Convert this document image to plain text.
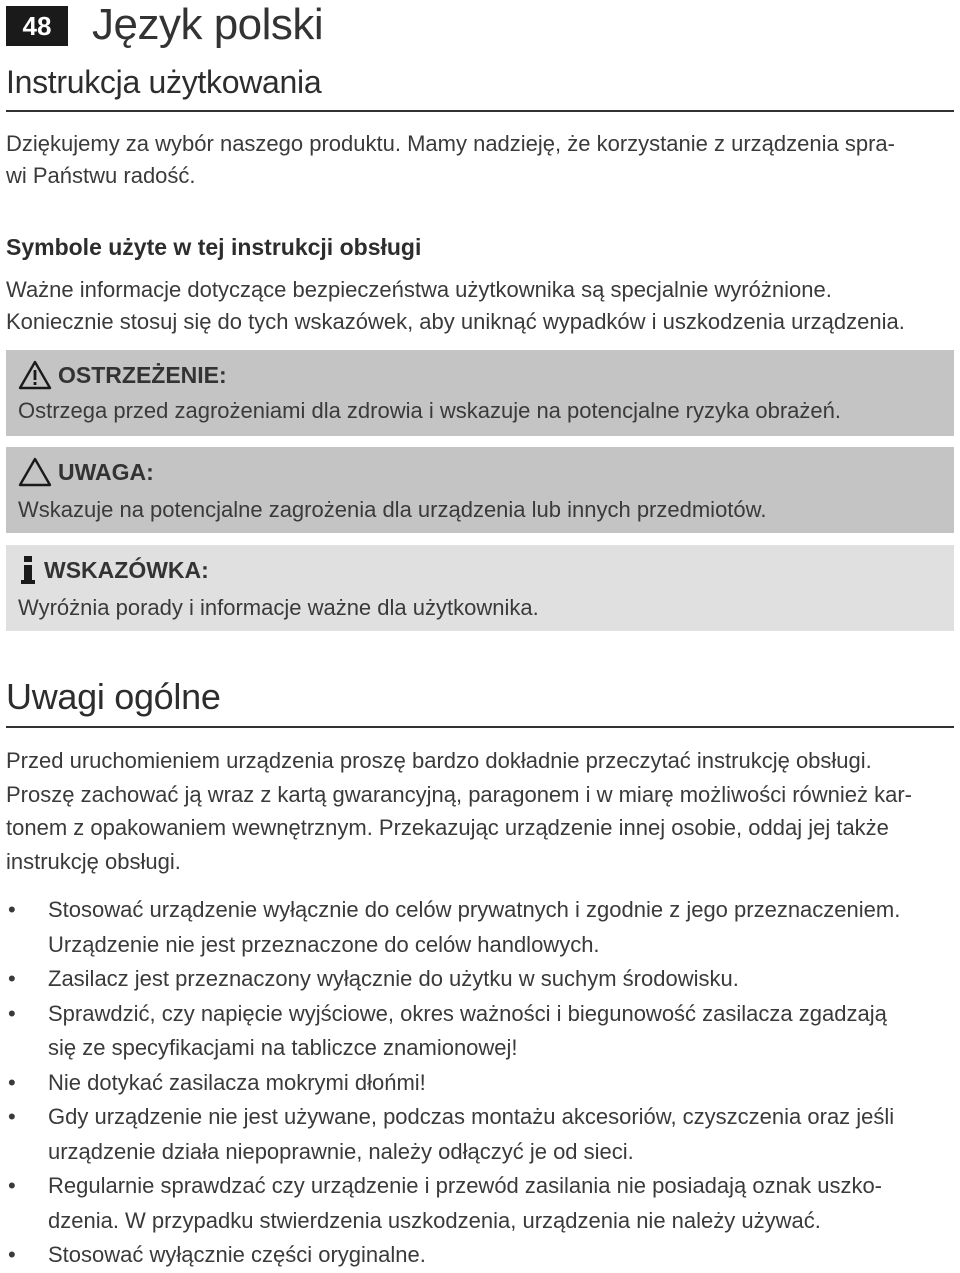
48 Język polski
Instrukcja użytkowania
Dziękujemy za wybór naszego produktu. Mamy nadzieję, że korzystanie z urządzenia spra-
wi Państwu radość.
Symbole użyte w tej instrukcji obsługi
Ważne informacje dotyczące bezpieczeństwa użytkownika są specjalnie wyróżnione.
Koniecznie stosuj się do tych wskazówek, aby uniknąć wypadków i uszkodzenia urządzenia.
OSTRZEŻENIE:
Ostrzega przed zagrożeniami dla zdrowia i wskazuje na potencjalne ryzyka obrażeń.
UWAGA:
Wskazuje na potencjalne zagrożenia dla urządzenia lub innych przedmiotów.
WSKAZÓWKA:
Wyróżnia porady i informacje ważne dla użytkownika.
Uwagi ogólne
Przed uruchomieniem urządzenia proszę bardzo dokładnie przeczytać instrukcję obsługi.
Proszę zachować ją wraz z kartą gwarancyjną, paragonem i w miarę możliwości również kar-
tonem z opakowaniem wewnętrznym. Przekazując urządzenie innej osobie, oddaj jej także
instrukcję obsługi.
• Stosować urządzenie wyłącznie do celów prywatnych i zgodnie z jego przeznaczeniem.
Urządzenie nie jest przeznaczone do celów handlowych.
• Zasilacz jest przeznaczony wyłącznie do użytku w suchym środowisku.
• Sprawdzić, czy napięcie wyjściowe, okres ważności i biegunowość zasilacza zgadzają
się ze specyfikacjami na tabliczce znamionowej!
• Nie dotykać zasilacza mokrymi dłońmi!
• Gdy urządzenie nie jest używane, podczas montażu akcesoriów, czyszczenia oraz jeśli
urządzenie działa niepoprawnie, należy odłączyć je od sieci.
• Regularnie sprawdzać czy urządzenie i przewód zasilania nie posiadają oznak uszko-
dzenia. W przypadku stwierdzenia uszkodzenia, urządzenia nie należy używać.
• Stosować wyłącznie części oryginalne.
